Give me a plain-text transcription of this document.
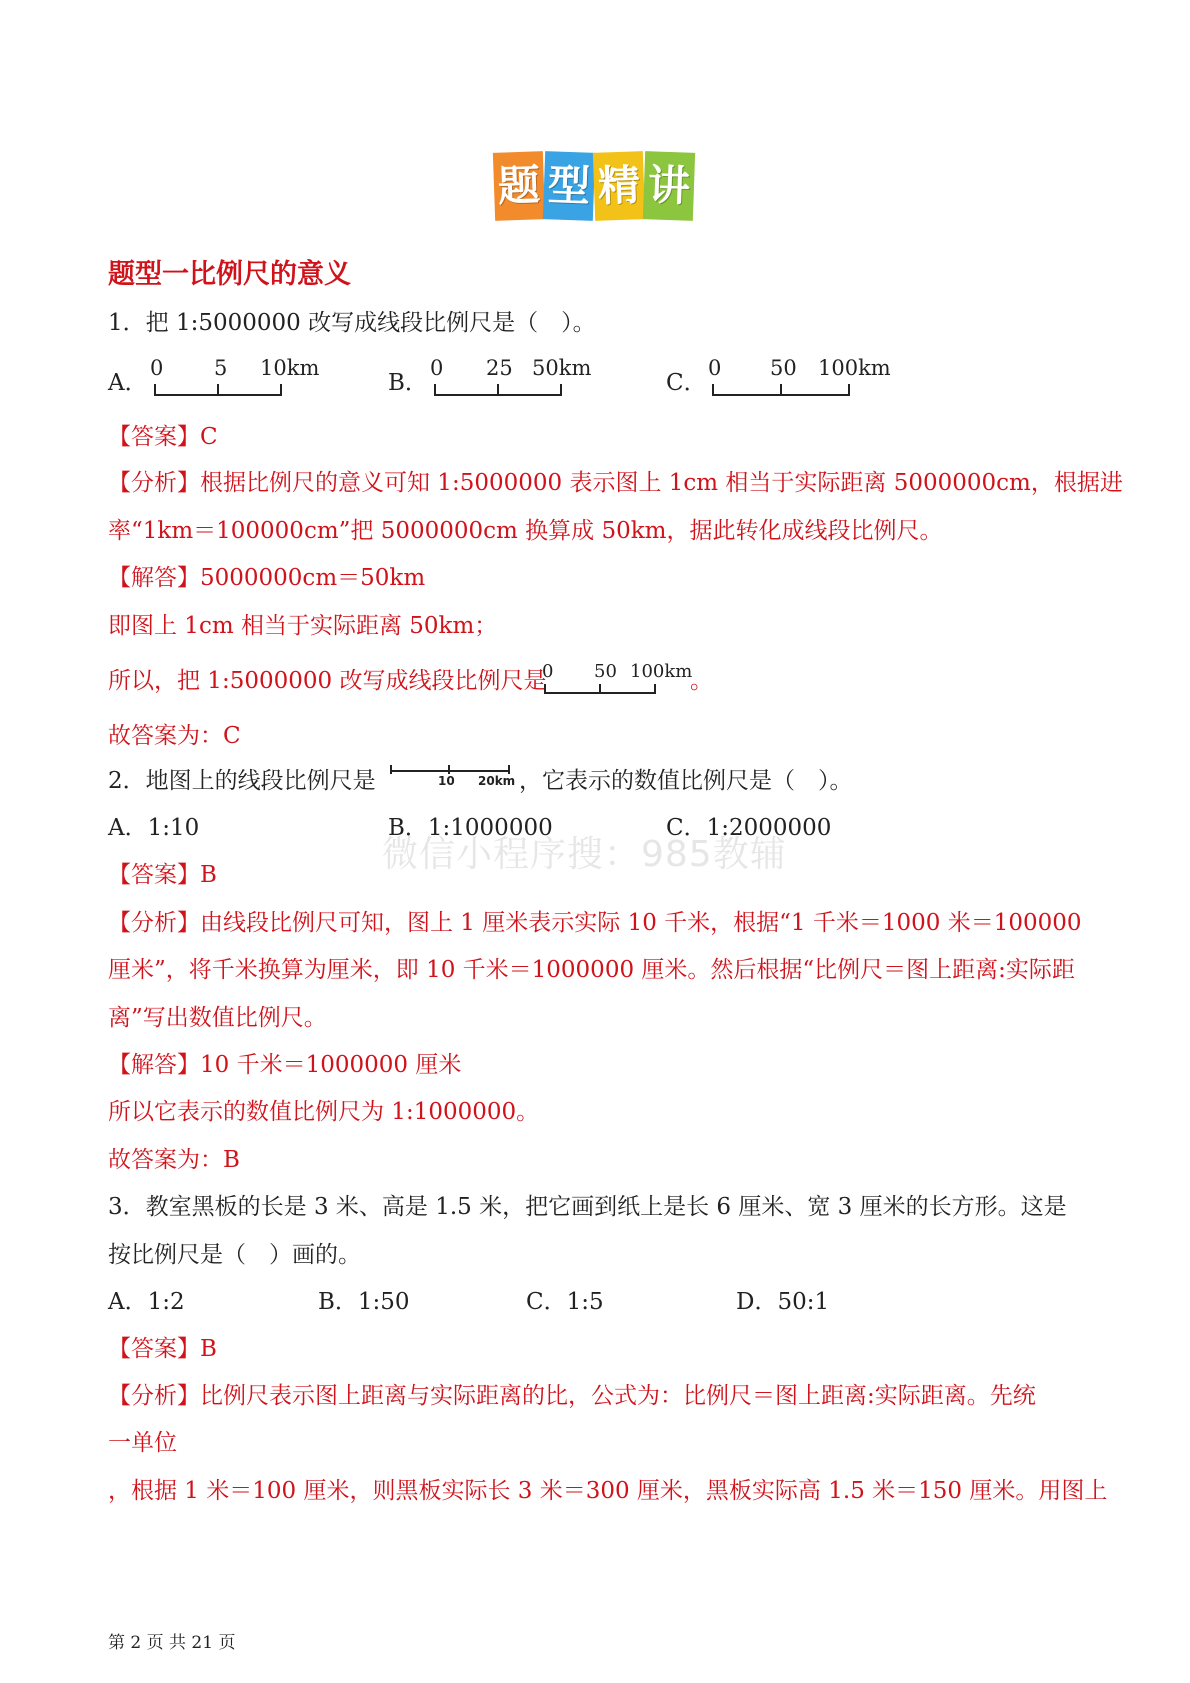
题 型 精 讲
题型一比例尺的意义
1．把 1:5000000 改写成线段比例尺是（　）。
A．
0 5 10km
B．
0 25 50km
C．
0 50 100km
【答案】C
【分析】根据比例尺的意义可知 1:5000000 表示图上 1cm 相当于实际距离 5000000cm，根据进
率“1km＝100000cm”把 5000000cm 换算成 50km，据此转化成线段比例尺。
【解答】5000000cm＝50km
即图上 1cm 相当于实际距离 50km；
所以，把 1:5000000 改写成线段比例尺是
0 50 100km
。
故答案为：C
2．地图上的线段比例尺是	10 20km ，它表示的数值比例尺是（　）。
A．1:10	B．1:1000000	C．1:2000000
微信小程序搜：985教辅
【答案】B
【分析】由线段比例尺可知，图上 1 厘米表示实际 10 千米，根据“1 千米＝1000 米＝100000
厘米”，将千米换算为厘米，即 10 千米＝1000000 厘米。然后根据“比例尺＝图上距离:实际距
离”写出数值比例尺。
【解答】10 千米＝1000000 厘米
所以它表示的数值比例尺为 1:1000000。
故答案为：B
3．教室黑板的长是 3 米、高是 1.5 米，把它画到纸上是长 6 厘米、宽 3 厘米的长方形。这是
按比例尺是（　）画的。
A．1:2	B．1:50	C．1:5	D．50:1
【答案】B
【分析】比例尺表示图上距离与实际距离的比，公式为：比例尺＝图上距离:实际距离。先统
一单位
，根据 1 米＝100 厘米，则黑板实际长 3 米＝300 厘米，黑板实际高 1.5 米＝150 厘米。用图上
第 2 页 共 21 页
